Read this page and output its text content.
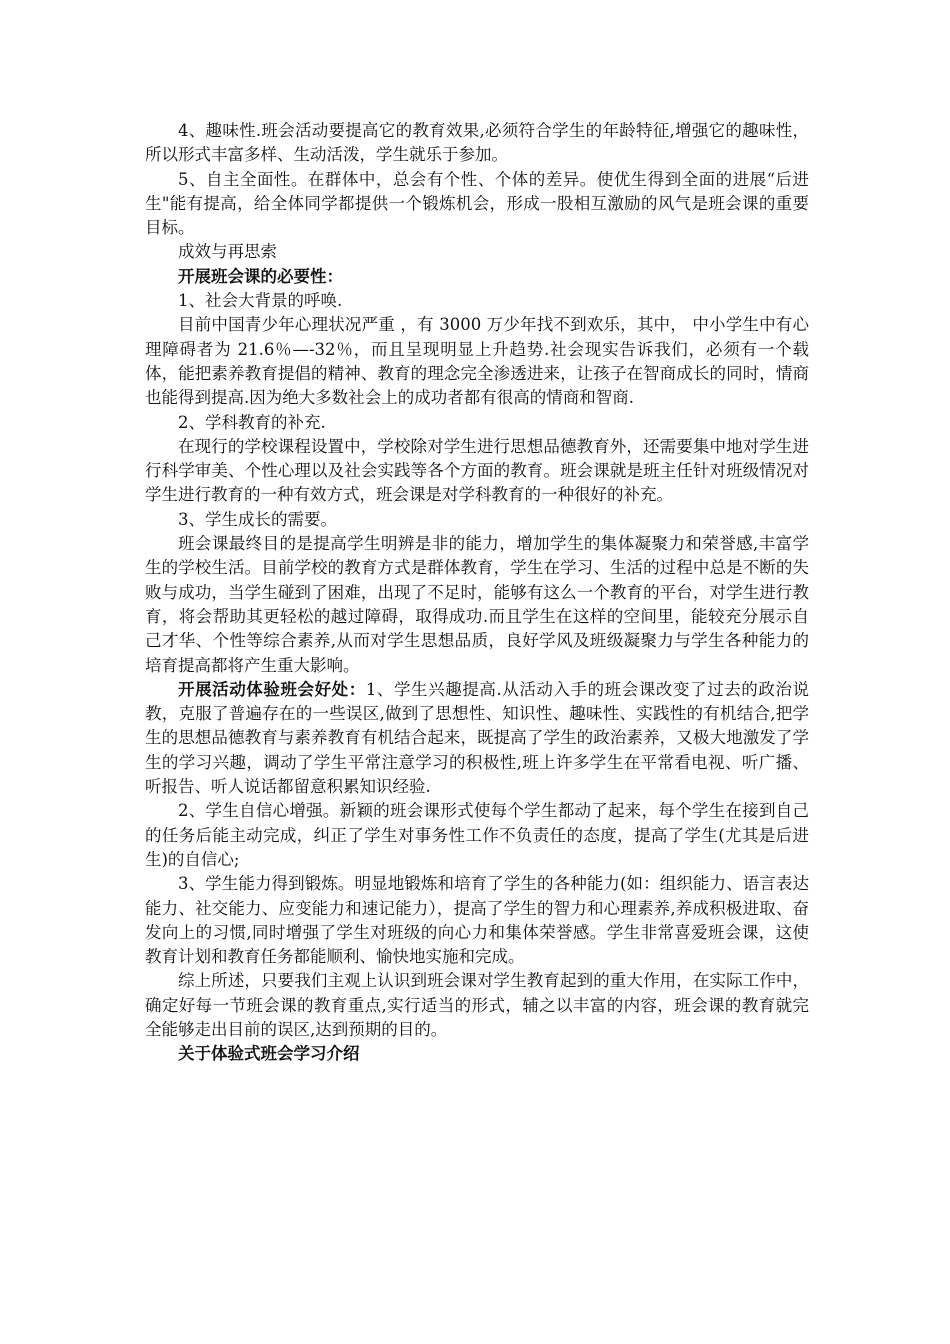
4、趣味性.班会活动要提高它的教育效果,必须符合学生的年龄特征,增强它的趣味性，所以形式丰富多样、生动活泼，学生就乐于参加。

5、自主全面性。在群体中，总会有个性、个体的差异。使优生得到全面的进展“后进生"能有提高，给全体同学都提供一个锻炼机会，形成一股相互激励的风气是班会课的重要目标。

成效与再思索

开展班会课的必要性：

1、社会大背景的呼唤.

目前中国青少年心理状况严重 ，有 3000 万少年找不到欢乐，其中， 中小学生中有心理障碍者为 21.6％—-32％，而且呈现明显上升趋势.社会现实告诉我们，必须有一个载体，能把素养教育提倡的精神、教育的理念完全渗透进来，让孩子在智商成长的同时，情商也能得到提高.因为绝大多数社会上的成功者都有很高的情商和智商.

2、学科教育的补充.

在现行的学校课程设置中，学校除对学生进行思想品德教育外，还需要集中地对学生进行科学审美、个性心理以及社会实践等各个方面的教育。班会课就是班主任针对班级情况对学生进行教育的一种有效方式，班会课是对学科教育的一种很好的补充。

3、学生成长的需要。

班会课最终目的是提高学生明辨是非的能力，增加学生的集体凝聚力和荣誉感,丰富学生的学校生活。目前学校的教育方式是群体教育，学生在学习、生活的过程中总是不断的失败与成功，当学生碰到了困难，出现了不足时，能够有这么一个教育的平台，对学生进行教育，将会帮助其更轻松的越过障碍，取得成功.而且学生在这样的空间里，能较充分展示自己才华、个性等综合素养,从而对学生思想品质，良好学风及班级凝聚力与学生各种能力的培育提高都将产生重大影响。

开展活动体验班会好处：1、学生兴趣提高.从活动入手的班会课改变了过去的政治说教，克服了普遍存在的一些误区,做到了思想性、知识性、趣味性、实践性的有机结合,把学生的思想品德教育与素养教育有机结合起来，既提高了学生的政治素养，又极大地激发了学生的学习兴趣，调动了学生平常注意学习的积极性,班上许多学生在平常看电视、听广播、听报告、听人说话都留意积累知识经验.

2、学生自信心增强。新颖的班会课形式使每个学生都动了起来，每个学生在接到自己的任务后能主动完成，纠正了学生对事务性工作不负责任的态度，提高了学生(尤其是后进生)的自信心;

3、学生能力得到锻炼。明显地锻炼和培育了学生的各种能力(如：组织能力、语言表达能力、社交能力、应变能力和速记能力），提高了学生的智力和心理素养,养成积极进取、奋发向上的习惯,同时增强了学生对班级的向心力和集体荣誉感。学生非常喜爱班会课，这使教育计划和教育任务都能顺利、愉快地实施和完成。

综上所述，只要我们主观上认识到班会课对学生教育起到的重大作用，在实际工作中，确定好每一节班会课的教育重点,实行适当的形式，辅之以丰富的内容，班会课的教育就完全能够走出目前的误区,达到预期的目的。

关于体验式班会学习介绍
